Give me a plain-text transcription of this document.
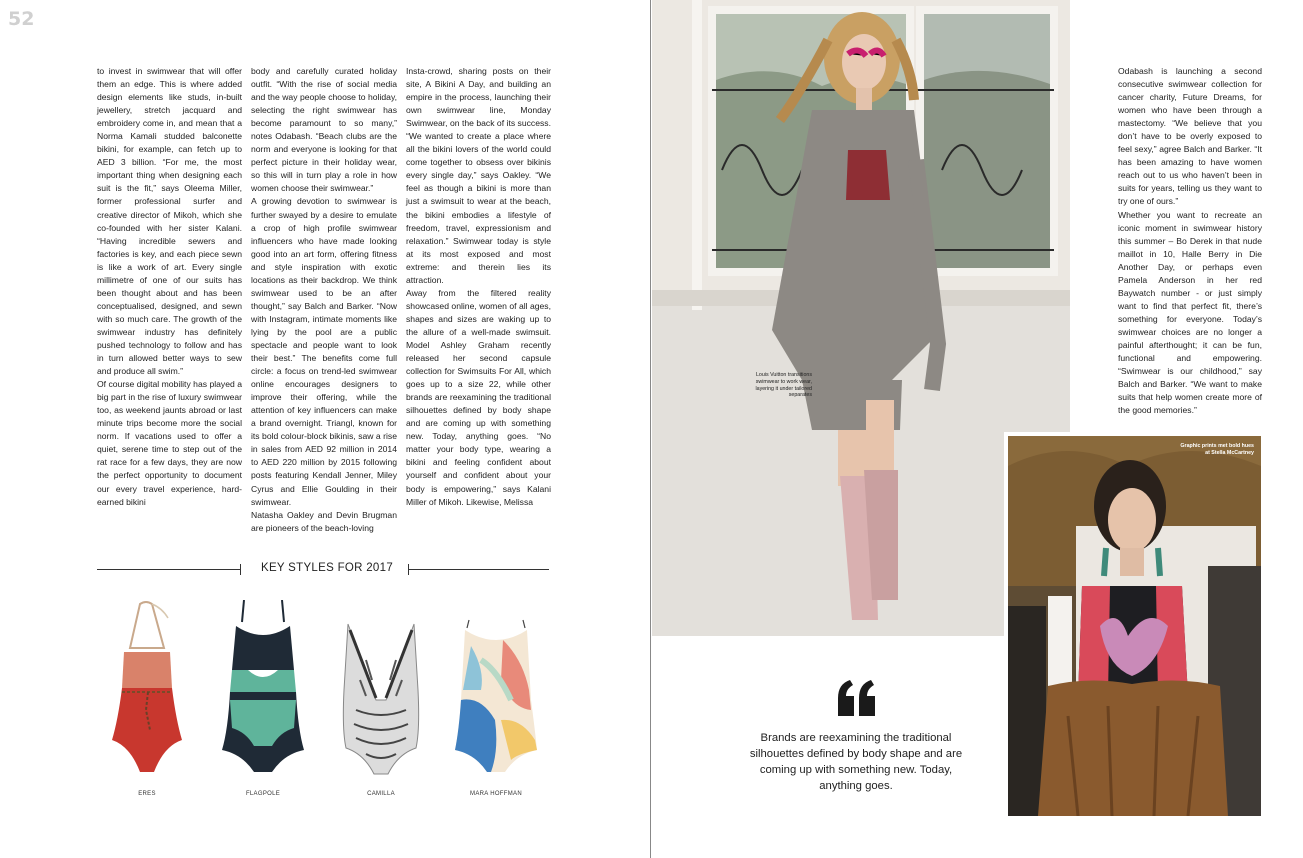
52

to invest in swimwear that will offer them an edge. This is where added design elements like studs, in-built jewellery, stretch jacquard and embroidery come in, and mean that a Norma Kamali studded balconette bikini, for example, can fetch up to AED 3 billion. “For me, the most important thing when designing each suit is the fit,” says Oleema Miller, former professional surfer and creative director of Mikoh, which she co-founded with her sister Kalani. “Having incredible sewers and factories is key, and each piece sewn is like a work of art. Every single millimetre of one of our suits has been thought about and has been conceptualised, designed, and sewn with so much care. The growth of the swimwear industry has definitely pushed technology to follow and has in turn allowed better ways to sew and produce all swim.”

Of course digital mobility has played a big part in the rise of luxury swimwear too, as weekend jaunts abroad or last minute trips become more the social norm. If vacations used to offer a quiet, serene time to step out of the rat race for a few days, they are now the perfect opportunity to document our every travel experience, hard-earned bikini

body and carefully curated holiday outfit. “With the rise of social media and the way people choose to holiday, selecting the right swimwear has become paramount to so many,” notes Odabash. “Beach clubs are the norm and everyone is looking for that perfect picture in their holiday wear, so this will in turn play a role in how women choose their swimwear.”

A growing devotion to swimwear is further swayed by a desire to emulate a crop of high profile swimwear influencers who have made looking good into an art form, offering fitness and style inspiration with exotic locations as their backdrop. We think swimwear used to be an after thought,” say Balch and Barker. “Now with Instagram, intimate moments like lying by the pool are a public spectacle and people want to look their best.” The benefits come full circle: a focus on trend-led swimwear online encourages designers to improve their offering, while the attention of key influencers can make a brand overnight. Triangl, known for its bold colour-block bikinis, saw a rise in sales from AED 92 million in 2014 to AED 220 million by 2015 following posts featuring Kendall Jenner, Miley Cyrus and Ellie Goulding in their swimwear.

Natasha Oakley and Devin Brugman are pioneers of the beach-loving

Insta-crowd, sharing posts on their site, A Bikini A Day, and building an empire in the process, launching their own swimwear line, Monday Swimwear, on the back of its success. “We wanted to create a place where all the bikini lovers of the world could come together to obsess over bikinis every single day,” says Oakley. “We feel as though a bikini is more than just a swimsuit to wear at the beach, the bikini embodies a lifestyle of freedom, travel, expressionism and relaxation.” Swimwear today is style at its most exposed and most extreme: and therein lies its attraction.

Away from the filtered reality showcased online, women of all ages, shapes and sizes are waking up to the allure of a well-made swimsuit. Model Ashley Graham recently released her second capsule collection for Swimsuits For All, which goes up to a size 22, while other brands are reexamining the traditional silhouettes defined by body shape and are coming up with something new. Today, anything goes. “No matter your body type, wearing a bikini and feeling confident about yourself and confident about your body is empowering,” says Kalani Miller of Mikoh. Likewise, Melissa

KEY STYLES FOR 2017
ERES	FLAGPOLE	CAMILLA	MARA HOFFMAN
Louis Vuitton transitions swimwear to work wear, layering it under tailored separates

Odabash is launching a second consecutive swimwear collection for cancer charity, Future Dreams, for women who have been through a mastectomy. “We believe that you don’t have to be overly exposed to feel sexy,” agree Balch and Barker. “It has been amazing to have women reach out to us who haven’t been in suits for years, telling us they want to try one of ours.”

Whether you want to recreate an iconic moment in swimwear history this summer – Bo Derek in that nude maillot in 10, Halle Berry in Die Another Day, or perhaps even Pamela Anderson in her red Baywatch number - or just simply want to find that perfect fit, there’s something for everyone. Today’s swimwear choices are no longer a painful afterthought; it can be fun, functional and empowering. “Swimwear is our childhood,” say Balch and Barker. “We want to make suits that help women create more of the good memories.”

Graphic prints met bold hues at Stella McCartney
Brands are reexamining the traditional silhouettes defined by body shape and are coming up with something new. Today, anything goes.
